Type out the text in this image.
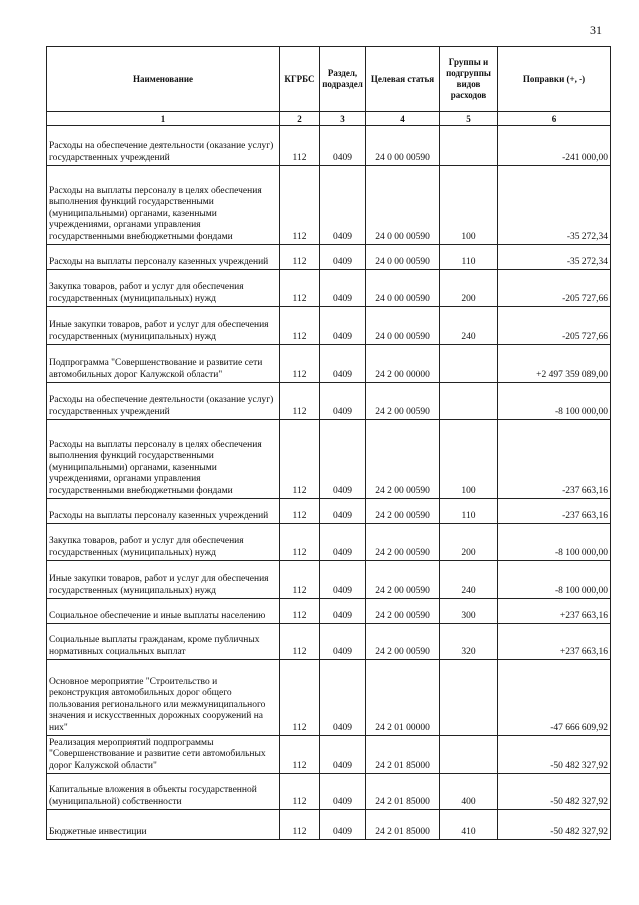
31
Наименование	КГРБС	Раздел, подраздел	Целевая статья	Группы и подгруппы видов расходов	Поправки (+, -)
1	2	3	4	5	6
Расходы на обеспечение деятельности (оказание услуг) государственных учреждений	112	0409	24 0 00 00590		-241 000,00
Расходы на выплаты персоналу в целях обеспечения выполнения функций государственными (муниципальными) органами, казенными учреждениями, органами управления государственными внебюджетными фондами	112	0409	24 0 00 00590	100	-35 272,34
Расходы на выплаты персоналу казенных учреждений	112	0409	24 0 00 00590	110	-35 272,34
Закупка товаров, работ и услуг для обеспечения государственных (муниципальных) нужд	112	0409	24 0 00 00590	200	-205 727,66
Иные закупки товаров, работ и услуг для обеспечения государственных (муниципальных) нужд	112	0409	24 0 00 00590	240	-205 727,66
Подпрограмма "Совершенствование и развитие сети автомобильных дорог Калужской области"	112	0409	24 2 00 00000		+2 497 359 089,00
Расходы на обеспечение деятельности (оказание услуг) государственных учреждений	112	0409	24 2 00 00590		-8 100 000,00
Расходы на выплаты персоналу в целях обеспечения выполнения функций государственными (муниципальными) органами, казенными учреждениями, органами управления государственными внебюджетными фондами	112	0409	24 2 00 00590	100	-237 663,16
Расходы на выплаты персоналу казенных учреждений	112	0409	24 2 00 00590	110	-237 663,16
Закупка товаров, работ и услуг для обеспечения государственных (муниципальных) нужд	112	0409	24 2 00 00590	200	-8 100 000,00
Иные закупки товаров, работ и услуг для обеспечения государственных (муниципальных) нужд	112	0409	24 2 00 00590	240	-8 100 000,00
Социальное обеспечение и иные выплаты населению	112	0409	24 2 00 00590	300	+237 663,16
Социальные выплаты гражданам, кроме публичных нормативных социальных выплат	112	0409	24 2 00 00590	320	+237 663,16
Основное мероприятие "Строительство и реконструкция автомобильных дорог общего пользования регионального или межмуниципального значения и искусственных дорожных сооружений на них"	112	0409	24 2 01 00000		-47 666 609,92
Реализация мероприятий подпрограммы "Совершенствование и развитие сети автомобильных дорог Калужской области"	112	0409	24 2 01 85000		-50 482 327,92
Капитальные вложения в объекты государственной (муниципальной) собственности	112	0409	24 2 01 85000	400	-50 482 327,92
Бюджетные инвестиции	112	0409	24 2 01 85000	410	-50 482 327,92
